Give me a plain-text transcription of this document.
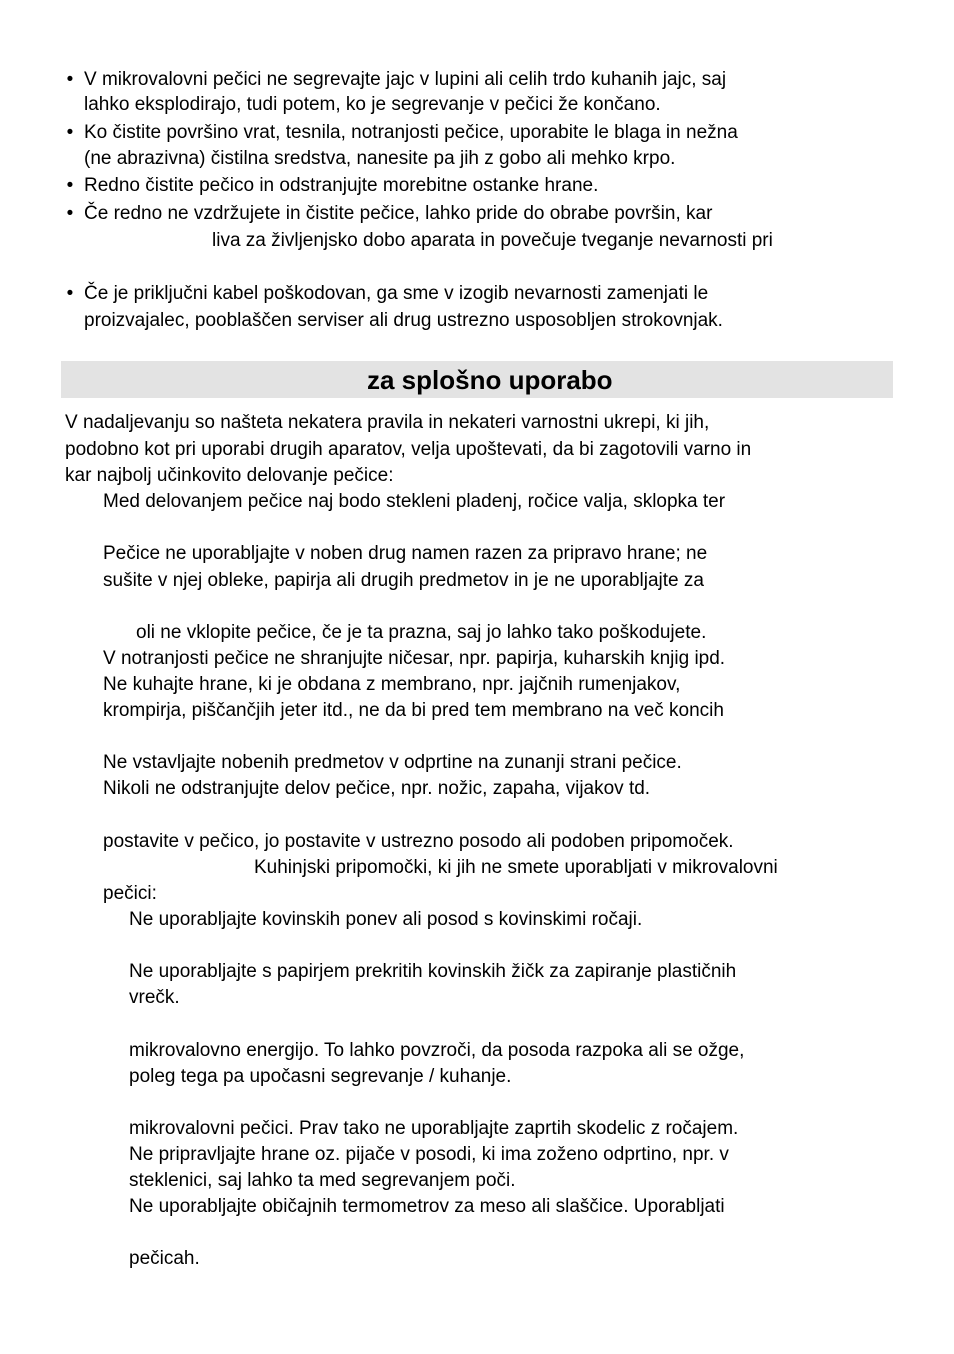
• V mikrovalovni pečici ne segrevajte jajc v lupini ali celih trdo kuhanih jajc, saj
lahko eksplodirajo, tudi potem, ko je segrevanje v pečici že končano.
• Ko čistite površino vrat, tesnila, notranjosti pečice, uporabite le blaga in nežna
(ne abrazivna) čistilna sredstva, nanesite pa jih z gobo ali mehko krpo.
• Redno čistite pečico in odstranjujte morebitne ostanke hrane.
• Če redno ne vzdržujete in čistite pečice, lahko pride do obrabe površin, kar
liva za življenjsko dobo aparata in povečuje tveganje nevarnosti pri
• Če je priključni kabel poškodovan, ga sme v izogib nevarnosti zamenjati le
proizvajalec, pooblaščen serviser ali drug ustrezno usposobljen strokovnjak.
za splošno uporabo
V nadaljevanju so našteta nekatera pravila in nekateri varnostni ukrepi, ki jih,
podobno kot pri uporabi drugih aparatov, velja upoštevati, da bi zagotovili varno in
kar najbolj učinkovito delovanje pečice:
Med delovanjem pečice naj bodo stekleni pladenj, ročice valja, sklopka ter
Pečice ne uporabljajte v noben drug namen razen za pripravo hrane; ne
sušite v njej obleke, papirja ali drugih predmetov in je ne uporabljajte za
oli ne vklopite pečice, če je ta prazna, saj jo lahko tako poškodujete.
V notranjosti pečice ne shranjujte ničesar, npr. papirja, kuharskih knjig ipd.
Ne kuhajte hrane, ki je obdana z membrano, npr. jajčnih rumenjakov,
krompirja, piščančjih jeter itd., ne da bi pred tem membrano na več koncih
Ne vstavljajte nobenih predmetov v odprtine na zunanji strani pečice.
Nikoli ne odstranjujte delov pečice, npr. nožic, zapaha, vijakov td.
postavite v pečico, jo postavite v ustrezno posodo ali podoben pripomoček.
Kuhinjski pripomočki, ki jih ne smete uporabljati v mikrovalovni
pečici:
Ne uporabljajte kovinskih ponev ali posod s kovinskimi ročaji.
Ne uporabljajte s papirjem prekritih kovinskih žičk za zapiranje plastičnih
vrečk.
mikrovalovno energijo. To lahko povzroči, da posoda razpoka ali se ožge,
poleg tega pa upočasni segrevanje / kuhanje.
mikrovalovni pečici. Prav tako ne uporabljajte zaprtih skodelic z ročajem.
Ne pripravljajte hrane oz. pijače v posodi, ki ima zoženo odprtino, npr. v
steklenici, saj lahko ta med segrevanjem poči.
Ne uporabljajte običajnih termometrov za meso ali slaščice. Uporabljati
pečicah.
